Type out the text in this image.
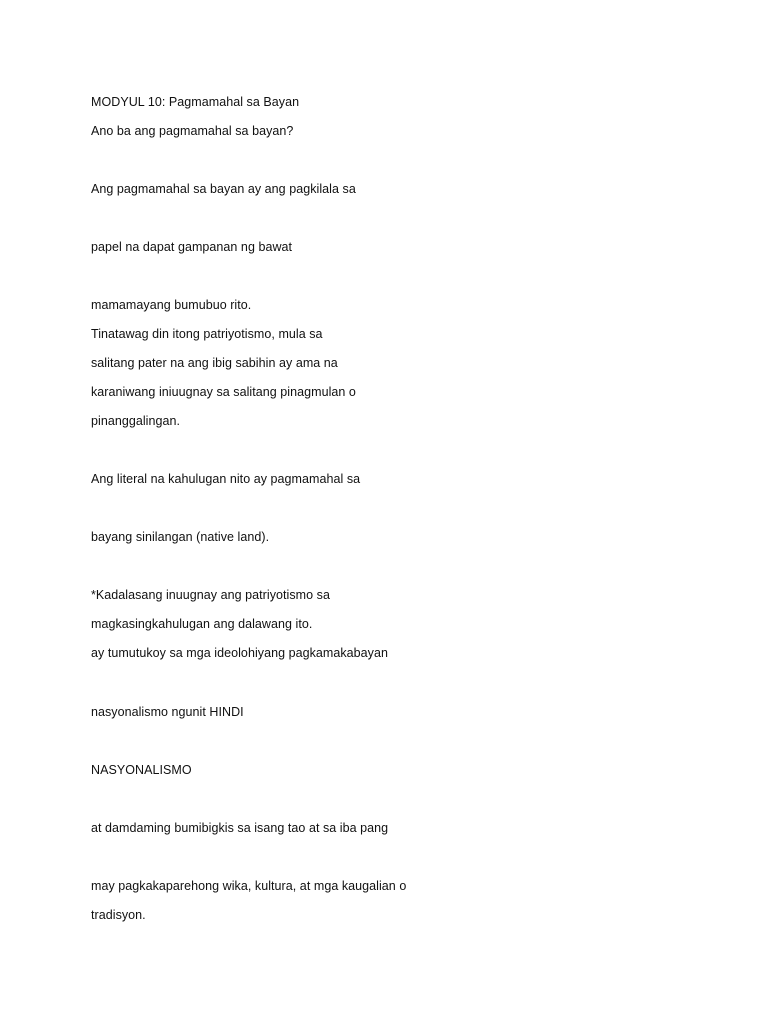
MODYUL 10: Pagmamahal sa Bayan

Ano ba ang pagmamahal sa bayan?

Ang pagmamahal sa bayan ay ang pagkilala sa

papel na dapat gampanan ng bawat

mamamayang bumubuo rito.

Tinatawag din itong patriyotismo, mula sa

salitang pater na ang ibig sabihin ay ama na

karaniwang iniuugnay sa salitang pinagmulan o

pinanggalingan.

Ang literal na kahulugan nito ay pagmamahal sa

bayang sinilangan (native land).

*Kadalasang inuugnay ang patriyotismo sa

magkasingkahulugan ang dalawang ito.

ay tumutukoy sa mga ideolohiyang pagkamakabayan

nasyonalismo ngunit HINDI

NASYONALISMO

at damdaming bumibigkis sa isang tao at sa iba pang

may pagkakaparehong wika, kultura, at mga kaugalian o

tradisyon.
